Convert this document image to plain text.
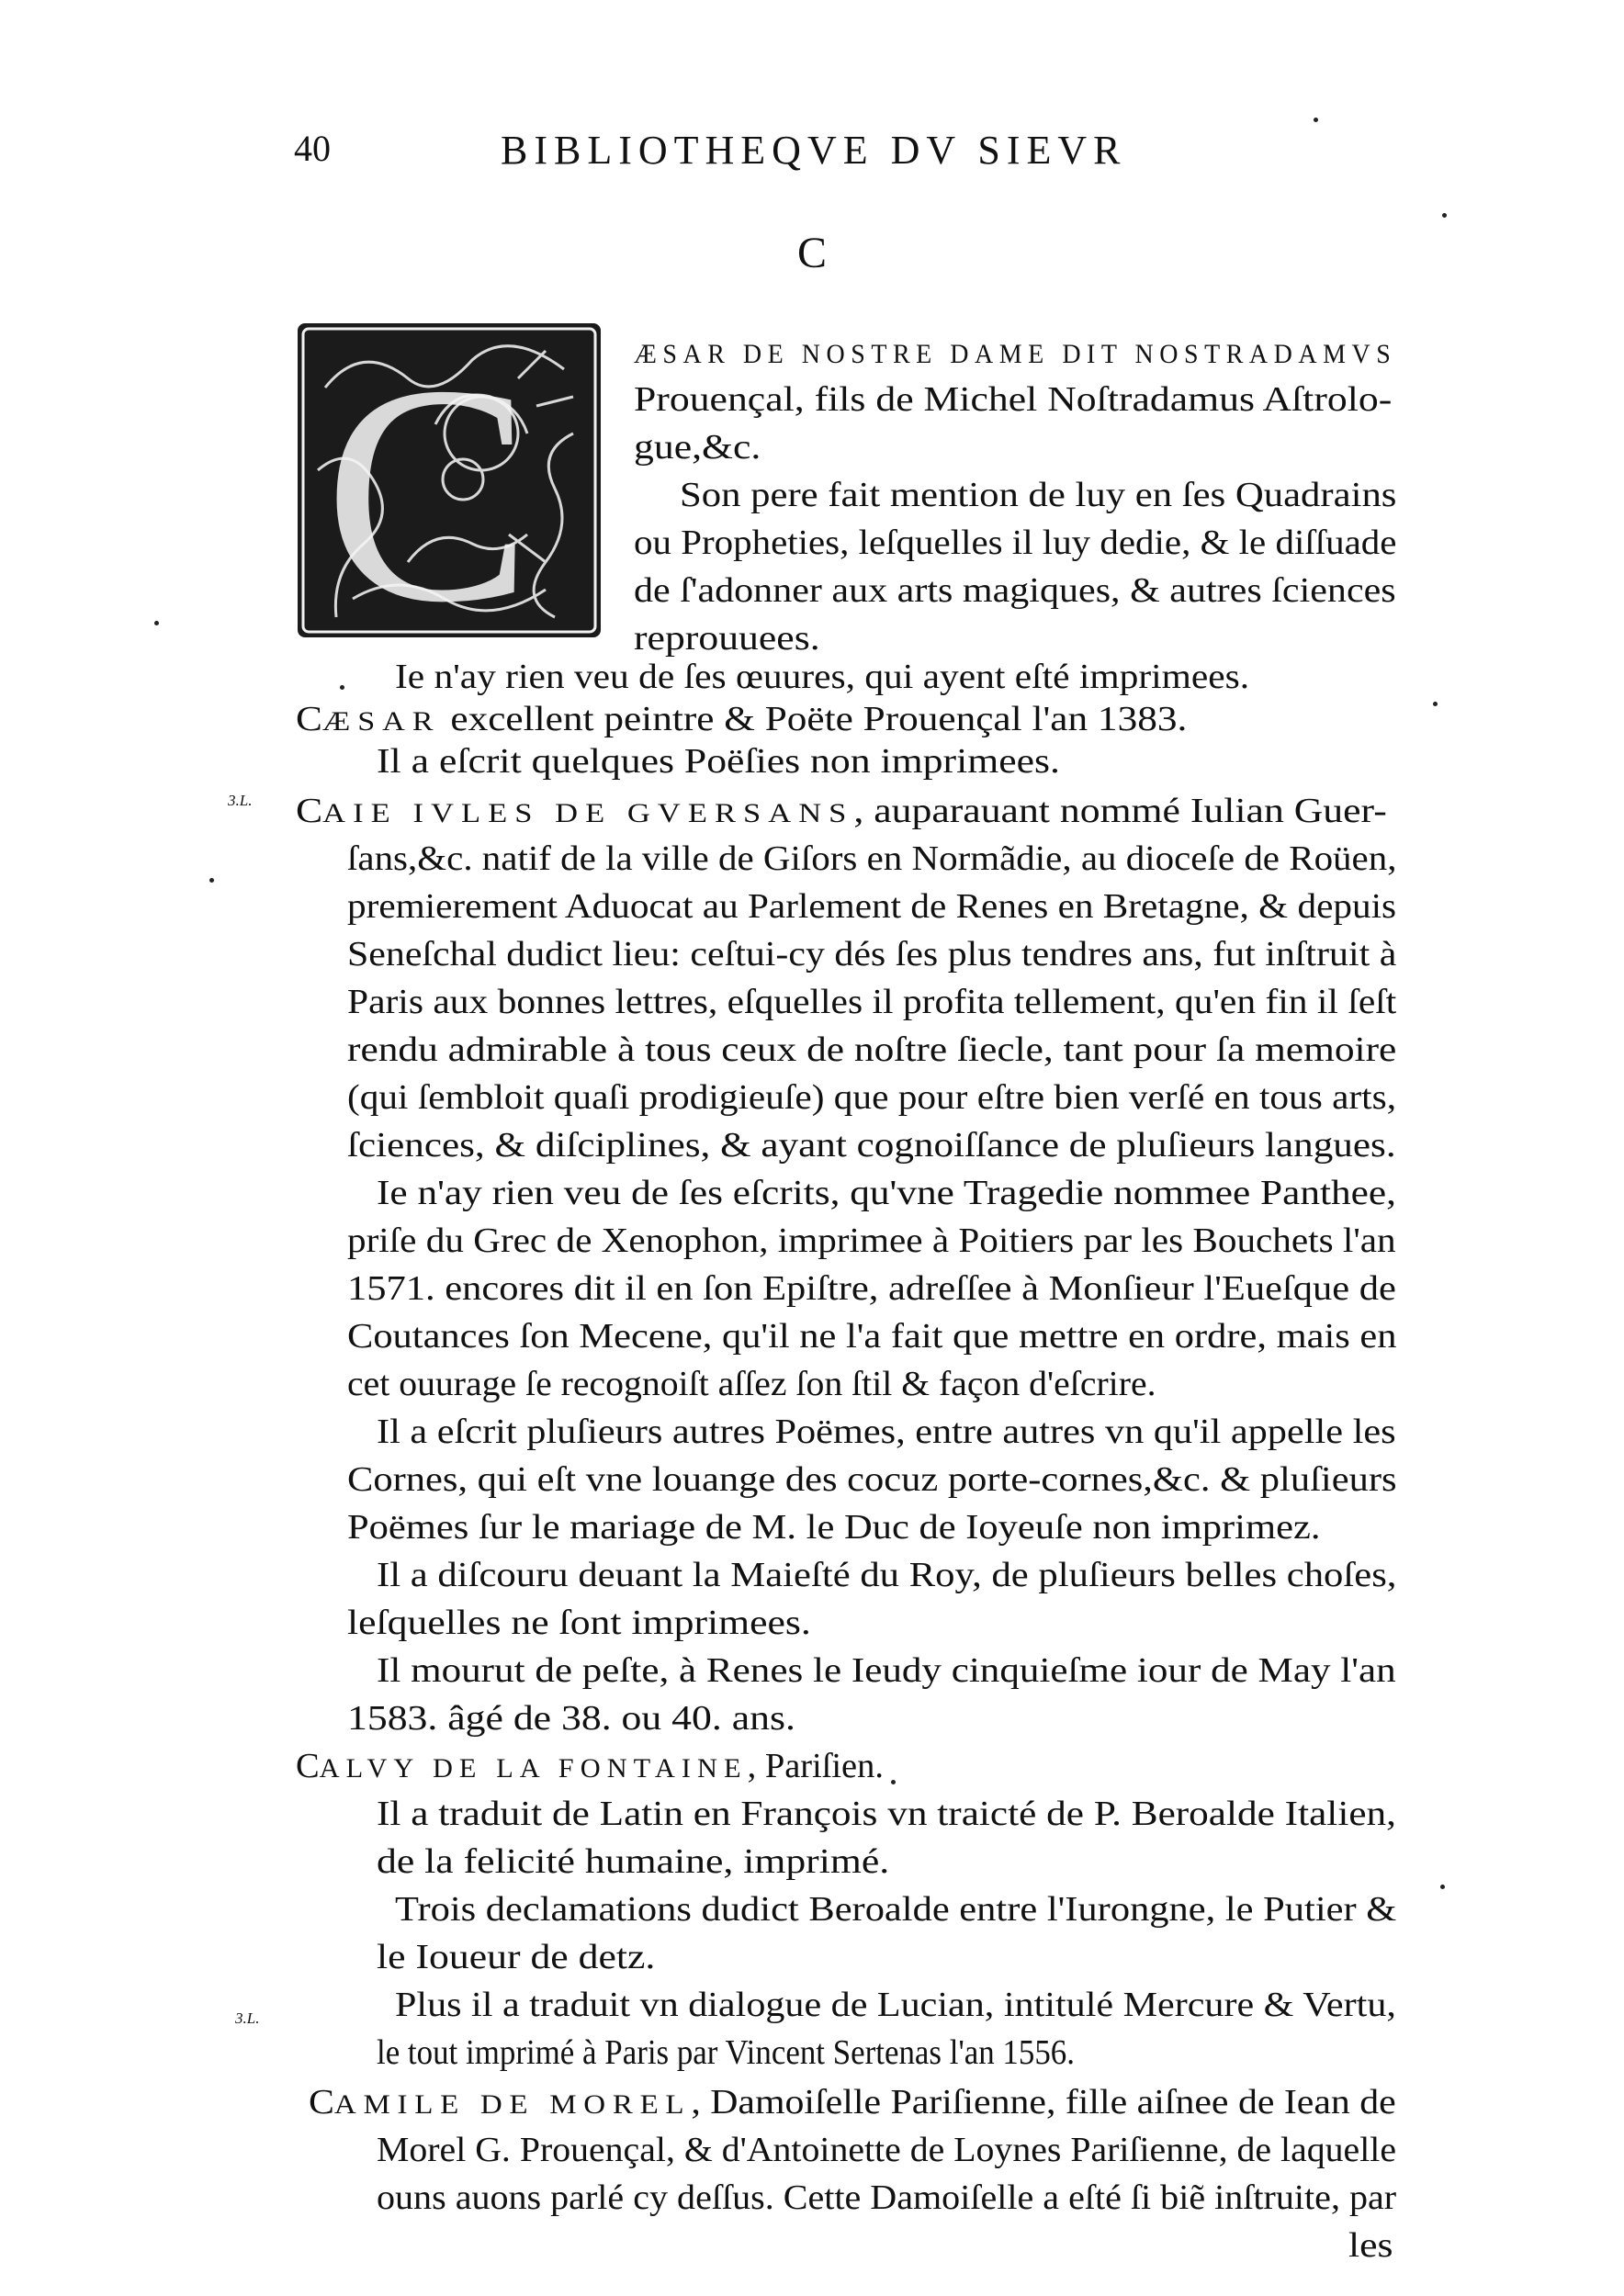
40	BIBLIOTHEQVE DV SIEVR
C
C	ÆSAR DE NOSTRE DAME DIT NOSTRADAMVS
Prouençal, fils de Michel Noſtradamus Aſtrolo-
gue,&c.
Son pere fait mention de luy en ſes Quadrains
ou Propheties, leſquelles il luy dedie, & le diſſuade
de ſ'adonner aux arts magiques, & autres ſciences
reprouuees.
Ie n'ay rien veu de ſes œuures, qui ayent eſté imprimees.
CÆSAR excellent peintre & Poëte Prouençal l'an 1383.
Il a eſcrit quelques Poëſies non imprimees.
CAIE IVLES DE GVERSANS, auparauant nommé Iulian Guer-
ſans,&c. natif de la ville de Giſors en Normãdie, au dioceſe de Roüen,
premierement Aduocat au Parlement de Renes en Bretagne, & depuis
Seneſchal dudict lieu: ceſtui-cy dés ſes plus tendres ans, fut inſtruit à
Paris aux bonnes lettres, eſquelles il profita tellement, qu'en fin il ſeſt
rendu admirable à tous ceux de noſtre ſiecle, tant pour ſa memoire
(qui ſembloit quaſi prodigieuſe) que pour eſtre bien verſé en tous arts,
ſciences, & diſciplines, & ayant cognoiſſance de pluſieurs langues.
Ie n'ay rien veu de ſes eſcrits, qu'vne Tragedie nommee Panthee,
priſe du Grec de Xenophon, imprimee à Poitiers par les Bouchets l'an
1571. encores dit il en ſon Epiſtre, adreſſee à Monſieur l'Eueſque de
Coutances ſon Mecene, qu'il ne l'a fait que mettre en ordre, mais en
cet ouurage ſe recognoiſt aſſez ſon ſtil & façon d'eſcrire.
Il a eſcrit pluſieurs autres Poëmes, entre autres vn qu'il appelle les
Cornes, qui eſt vne louange des cocuz porte-cornes,&c. & pluſieurs
Poëmes ſur le mariage de M. le Duc de Ioyeuſe non imprimez.
Il a diſcouru deuant la Maieſté du Roy, de pluſieurs belles choſes,
leſquelles ne ſont imprimees.
Il mourut de peſte, à Renes le Ieudy cinquieſme iour de May l'an
1583. âgé de 38. ou 40. ans.
CALVY DE LA FONTAINE, Pariſien.
Il a traduit de Latin en François vn traicté de P. Beroalde Italien,
de la felicité humaine, imprimé.
Trois declamations dudict Beroalde entre l'Iurongne, le Putier &
le Ioueur de detz.
Plus il a traduit vn dialogue de Lucian, intitulé Mercure & Vertu,
le tout imprimé à Paris par Vincent Sertenas l'an 1556.
CAMILE DE MOREL, Damoiſelle Pariſienne, fille aiſnee de Iean de
Morel G. Prouençal, & d'Antoinette de Loynes Pariſienne, de laquelle
ouns auons parlé cy deſſus. Cette Damoiſelle a eſté ſi biẽ inſtruite, par
les
3.L.
3.L.
